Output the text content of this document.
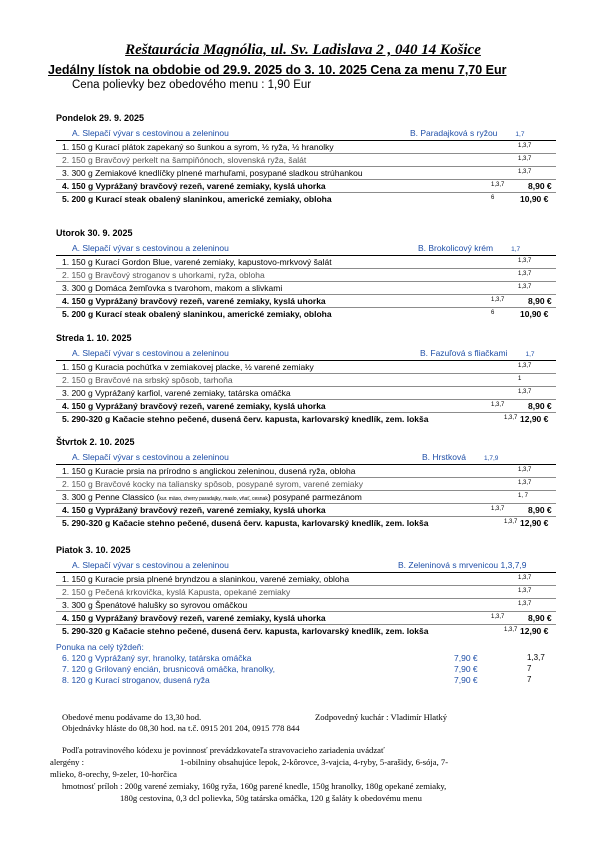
Reštaurácia Magnólia, ul. Sv. Ladislava 2 , 040 14 Košice
Jedálny lístok na obdobie od 29.9. 2025 do 3. 10. 2025 Cena za menu 7,70 Eur
Cena polievky bez obedového menu : 1,90 Eur
Pondelok 29. 9. 2025
A. Slepačí vývar s cestovinou a zeleninou	B. Paradajková s ryžou	1,7
1. 150 g Kurací plátok zapekaný so šunkou a syrom, ½ ryža, ½ hranolky	1,3,7
2. 150 g Bravčový perkelt na šampiňónoch, slovenská ryža, šalát	1,3,7
3. 300 g Zemiakové knedlíčky plnené marhuľami, posypané sladkou strúhankou	1,3,7
4. 150 g Vyprážaný bravčový rezeň, varené zemiaky, kyslá uhorka	1,3,7	8,90 €
5. 200 g Kurací steak obalený slaninkou, americké zemiaky, obloha	6	10,90 €
Utorok 30. 9. 2025
A. Slepačí vývar s cestovinou a zeleninou	B. Brokolicový krém	1,7
1. 150 g Kurací Gordon Blue, varené zemiaky, kapustovo-mrkvový šalát	1,3,7
2. 150 g Bravčový stroganov s uhorkami, ryža, obloha	1,3,7
3. 300 g Domáca žemľovka s tvarohom, makom a slivkami	1,3,7
4. 150 g Vyprážaný bravčový rezeň, varené zemiaky, kyslá uhorka	1,3,7	8,90 €
5. 200 g Kurací steak obalený slaninkou, americké zemiaky, obloha	6	10,90 €
Streda 1. 10. 2025
A. Slepačí vývar s cestovinou a zeleninou	B. Fazuľová s fliačkami	1,7
1. 150 g Kuracia pochúťka v zemiakovej placke, ½ varené zemiaky	1,3,7
2. 150 g Bravčové na srbský spôsob, tarhoňa	1
3. 200 g Vyprážaný karfiol, varené zemiaky, tatárska omáčka	1,3,7
4. 150 g Vyprážaný bravčový rezeň, varené zemiaky, kyslá uhorka	1,3,7	8,90 €
5. 290-320 g Kačacie stehno pečené, dusená červ. kapusta, karlovarský knedlík, zem. lokša	1,3,7 12,90 €
Štvrtok 2. 10. 2025
A. Slepačí vývar s cestovinou a zeleninou	B. Hrstková	1,7,9
1. 150 g Kuracie prsia na prírodno s anglickou zeleninou, dusená ryža, obloha	1,3,7
2. 150 g Bravčové kocky na taliansky spôsob, posypané syrom, varené zemiaky	1,3,7
3. 300 g Penne Classico (kur. mäso, cherry paradajky, maslo, vňať, cesnak) posypané parmezánom	1, 7
4. 150 g Vyprážaný bravčový rezeň, varené zemiaky, kyslá uhorka	1,3,7	8,90 €
5. 290-320 g Kačacie stehno pečené, dusená červ. kapusta, karlovarský knedlík, zem. lokša	1,3,7 12,90 €
Piatok 3. 10. 2025
A. Slepačí vývar s cestovinou a zeleninou	B. Zeleninová s mrvenicou 1,3,7,9
1. 150 g Kuracie prsia plnené bryndzou a slaninkou, varené zemiaky, obloha	1,3,7
2. 150 g Pečená krkovička, kyslá Kapusta, opekané zemiaky	1,3,7
3. 300 g Špenátové halušky so syrovou omáčkou	1,3,7
4. 150 g Vyprážaný bravčový rezeň, varené zemiaky, kyslá uhorka	1,3,7	8,90 €
5. 290-320 g Kačacie stehno pečené, dusená červ. kapusta, karlovarský knedlík, zem. lokša	1,3,7 12,90 €
Ponuka na celý týždeň:
6. 120 g Vyprážaný syr, hranolky, tatárska omáčka	7,90 €	1,3,7
7. 120 g Grilovaný encián, brusnicová omáčka, hranolky,	7,90 €	7
8. 120 g Kurací stroganov, dusená ryža	7,90 €	7
Obedové menu podávame do 13,30 hod.	Zodpovedný kuchár : Vladimír Hlatký
Objednávky hláste do 08,30 hod. na t.č. 0915 201 204, 0915 778 844
Podľa potravinového kódexu je povinnosť prevádzkovateľa stravovacieho zariadenia uvádzať
alergény :	1-obilniny obsahujúce lepok, 2-kôrovce, 3-vajcia, 4-ryby, 5-arašidy, 6-sója, 7-
mlieko, 8-orechy, 9-zeler, 10-horčica
hmotnosť príloh : 200g varené zemiaky, 160g ryža, 160g parené knedle, 150g hranolky, 180g opekané zemiaky,
180g cestovina, 0,3 dcl polievka, 50g tatárska omáčka, 120 g šaláty k obedovému menu
